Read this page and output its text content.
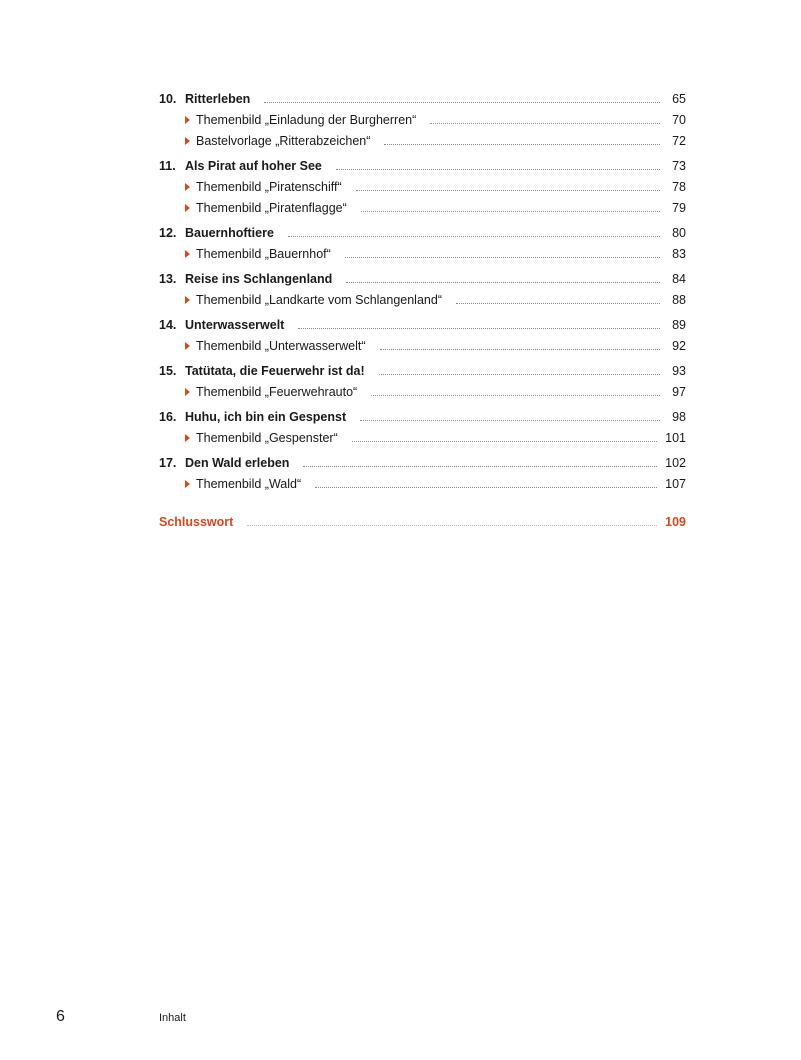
10. Ritterleben	65
Themenbild „Einladung der Burgherren“	70
Bastelvorlage „Ritterabzeichen“	72
11. Als Pirat auf hoher See	73
Themenbild „Piratenschiff“	78
Themenbild „Piratenflagge“	79
12. Bauernhoftiere	80
Themenbild „Bauernhof“	83
13. Reise ins Schlangenland	84
Themenbild „Landkarte vom Schlangenland“	88
14. Unterwasserwelt	89
Themenbild „Unterwasserwelt“	92
15. Tatütata, die Feuerwehr ist da!	93
Themenbild „Feuerwehrauto“	97
16. Huhu, ich bin ein Gespenst	98
Themenbild „Gespenster“	101
17. Den Wald erleben	102
Themenbild „Wald“	107
Schlusswort	109
6	Inhalt
